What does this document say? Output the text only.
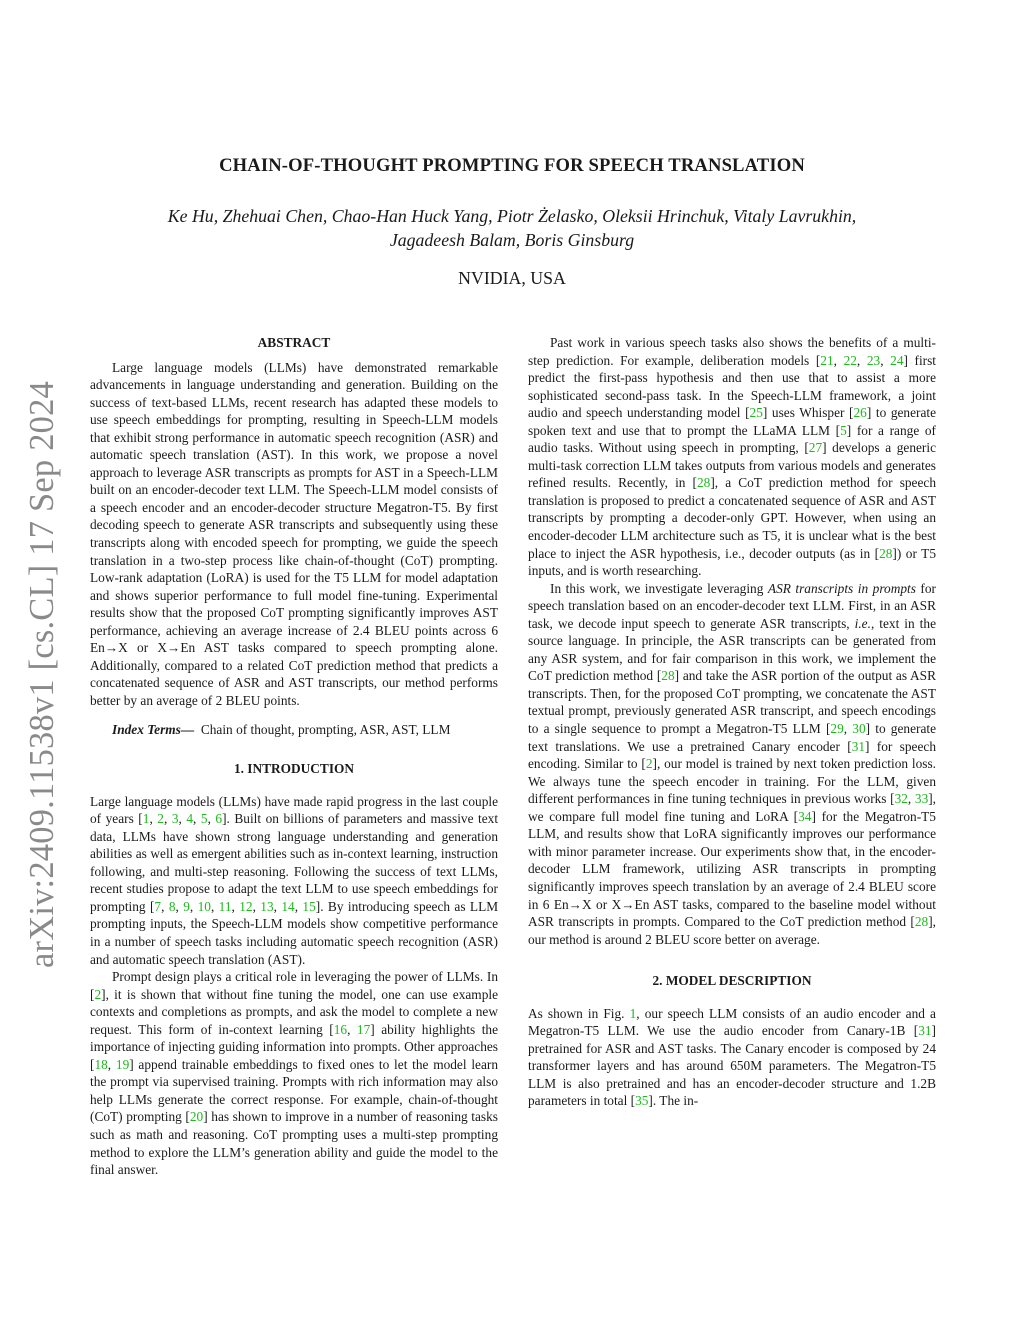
arXiv:2409.11538v1 [cs.CL] 17 Sep 2024
CHAIN-OF-THOUGHT PROMPTING FOR SPEECH TRANSLATION
Ke Hu, Zhehuai Chen, Chao-Han Huck Yang, Piotr Żelasko, Oleksii Hrinchuk, Vitaly Lavrukhin,
Jagadeesh Balam, Boris Ginsburg
NVIDIA, USA
ABSTRACT

Large language models (LLMs) have demonstrated remarkable advancements in language understanding and generation. Building on the success of text-based LLMs, recent research has adapted these models to use speech embeddings for prompting, resulting in Speech-LLM models that exhibit strong performance in automatic speech recognition (ASR) and automatic speech translation (AST). In this work, we propose a novel approach to leverage ASR transcripts as prompts for AST in a Speech-LLM built on an encoder-decoder text LLM. The Speech-LLM model consists of a speech encoder and an encoder-decoder structure Megatron-T5. By first decoding speech to generate ASR transcripts and subsequently using these transcripts along with encoded speech for prompting, we guide the speech translation in a two-step process like chain-of-thought (CoT) prompting. Low-rank adaptation (LoRA) is used for the T5 LLM for model adaptation and shows superior performance to full model fine-tuning. Experimental results show that the proposed CoT prompting significantly improves AST performance, achieving an average increase of 2.4 BLEU points across 6 En→X or X→En AST tasks compared to speech prompting alone. Additionally, compared to a related CoT prediction method that predicts a concatenated sequence of ASR and AST transcripts, our method performs better by an average of 2 BLEU points.

Index Terms— Chain of thought, prompting, ASR, AST, LLM

1. INTRODUCTION

Large language models (LLMs) have made rapid progress in the last couple of years [1, 2, 3, 4, 5, 6]. Built on billions of parameters and massive text data, LLMs have shown strong language understanding and generation abilities as well as emergent abilities such as in-context learning, instruction following, and multi-step reasoning. Following the success of text LLMs, recent studies propose to adapt the text LLM to use speech embeddings for prompting [7, 8, 9, 10, 11, 12, 13, 14, 15]. By introducing speech as LLM prompting inputs, the Speech-LLM models show competitive performance in a number of speech tasks including automatic speech recognition (ASR) and automatic speech translation (AST).

Prompt design plays a critical role in leveraging the power of LLMs. In [2], it is shown that without fine tuning the model, one can use example contexts and completions as prompts, and ask the model to complete a new request. This form of in-context learning [16, 17] ability highlights the importance of injecting guiding information into prompts. Other approaches [18, 19] append trainable embeddings to fixed ones to let the model learn the prompt via supervised training. Prompts with rich information may also help LLMs generate the correct response. For example, chain-of-thought (CoT) prompting [20] has shown to improve in a number of reasoning tasks such as math and reasoning. CoT prompting uses a multi-step prompting method to explore the LLM’s generation ability and guide the model to the final answer.

Past work in various speech tasks also shows the benefits of a multi-step prediction. For example, deliberation models [21, 22, 23, 24] first predict the first-pass hypothesis and then use that to assist a more sophisticated second-pass task. In the Speech-LLM framework, a joint audio and speech understanding model [25] uses Whisper [26] to generate spoken text and use that to prompt the LLaMA LLM [5] for a range of audio tasks. Without using speech in prompting, [27] develops a generic multi-task correction LLM takes outputs from various models and generates refined results. Recently, in [28], a CoT prediction method for speech translation is proposed to predict a concatenated sequence of ASR and AST transcripts by prompting a decoder-only GPT. However, when using an encoder-decoder LLM architecture such as T5, it is unclear what is the best place to inject the ASR hypothesis, i.e., decoder outputs (as in [28]) or T5 inputs, and is worth researching.

In this work, we investigate leveraging ASR transcripts in prompts for speech translation based on an encoder-decoder text LLM. First, in an ASR task, we decode input speech to generate ASR transcripts, i.e., text in the source language. In principle, the ASR transcripts can be generated from any ASR system, and for fair comparison in this work, we implement the CoT prediction method [28] and take the ASR portion of the output as ASR transcripts. Then, for the proposed CoT prompting, we concatenate the AST textual prompt, previously generated ASR transcript, and speech encodings to a single sequence to prompt a Megatron-T5 LLM [29, 30] to generate text translations. We use a pretrained Canary encoder [31] for speech encoding. Similar to [2], our model is trained by next token prediction loss. We always tune the speech encoder in training. For the LLM, given different performances in fine tuning techniques in previous works [32, 33], we compare full model fine tuning and LoRA [34] for the Megatron-T5 LLM, and results show that LoRA significantly improves our performance with minor parameter increase. Our experiments show that, in the encoder-decoder LLM framework, utilizing ASR transcripts in prompting significantly improves speech translation by an average of 2.4 BLEU score in 6 En→X or X→En AST tasks, compared to the baseline model without ASR transcripts in prompts. Compared to the CoT prediction method [28], our method is around 2 BLEU score better on average.

2. MODEL DESCRIPTION

As shown in Fig. 1, our speech LLM consists of an audio encoder and a Megatron-T5 LLM. We use the audio encoder from Canary-1B [31] pretrained for ASR and AST tasks. The Canary encoder is composed by 24 transformer layers and has around 650M parameters. The Megatron-T5 LLM is also pretrained and has an encoder-decoder structure and 1.2B parameters in total [35]. The in-
